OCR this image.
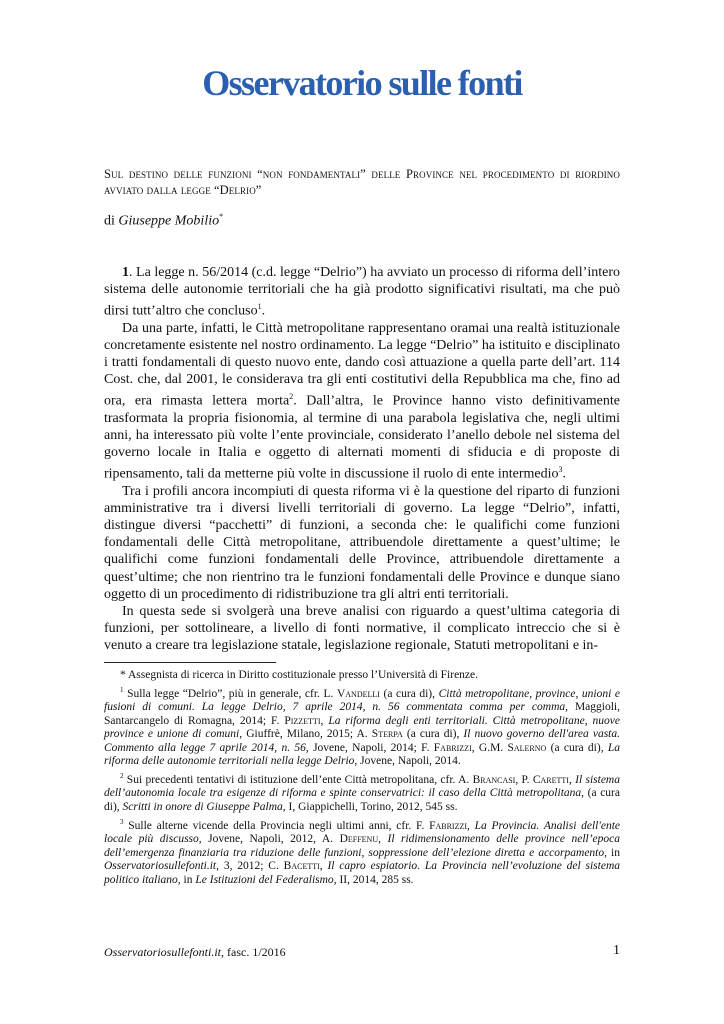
Osservatorio sulle fonti
Sul destino delle funzioni “non fondamentali” delle Province nel procedimento di riordino avviato dalla legge “Delrio”
di Giuseppe Mobilio*

1. La legge n. 56/2014 (c.d. legge “Delrio”) ha avviato un processo di riforma dell’intero sistema delle autonomie territoriali che ha già prodotto significativi risultati, ma che può dirsi tutt’altro che concluso$^1$.

Da una parte, infatti, le Città metropolitane rappresentano oramai una realtà istituzionale concretamente esistente nel nostro ordinamento. La legge “Delrio” ha istituito e disciplinato i tratti fondamentali di questo nuovo ente, dando così attuazione a quella parte dell’art. 114 Cost. che, dal 2001, le considerava tra gli enti costitutivi della Repubblica ma che, fino ad ora, era rimasta lettera morta$^2$. Dall’altra, le Province hanno visto definitivamente trasformata la propria fisionomia, al termine di una parabola legislativa che, negli ultimi anni, ha interessato più volte l’ente provinciale, considerato l’anello debole nel sistema del governo locale in Italia e oggetto di alternati momenti di sfiducia e di proposte di ripensamento, tali da metterne più volte in discussione il ruolo di ente intermedio$^3$.

Tra i profili ancora incompiuti di questa riforma vi è la questione del riparto di funzioni amministrative tra i diversi livelli territoriali di governo. La legge “Delrio”, infatti, distingue diversi “pacchetti” di funzioni, a seconda che: le qualifichi come funzioni fondamentali delle Città metropolitane, attribuendole direttamente a quest’ultime; le qualifichi come funzioni fondamentali delle Province, attribuendole direttamente a quest’ultime; che non rientrino tra le funzioni fondamentali delle Province e dunque siano oggetto di un procedimento di ridistribuzione tra gli altri enti territoriali.

In questa sede si svolgerà una breve analisi con riguardo a quest’ultima categoria di funzioni, per sottolineare, a livello di fonti normative, il complicato intreccio che si è venuto a creare tra legislazione statale, legislazione regionale, Statuti metropolitani e in-

* Assegnista di ricerca in Diritto costituzionale presso l’Università di Firenze.

$^1$ Sulla legge “Delrio”, più in generale, cfr. L. Vandelli (a cura di), Città metropolitane, province, unioni e fusioni di comuni. La legge Delrio, 7 aprile 2014, n. 56 commentata comma per comma, Maggioli, Santarcangelo di Romagna, 2014; F. Pizzetti, La riforma degli enti territoriali. Città metropolitane, nuove province e unione di comuni, Giuffrè, Milano, 2015; A. Sterpa (a cura di), Il nuovo governo dell'area vasta. Commento alla legge 7 aprile 2014, n. 56, Jovene, Napoli, 2014; F. Fabrizzi, G.M. Salerno (a cura di), La riforma delle autonomie territoriali nella legge Delrio, Jovene, Napoli, 2014.

$^2$ Sui precedenti tentativi di istituzione dell’ente Città metropolitana, cfr. A. Brancasi, P. Caretti, Il sistema dell’autonomia locale tra esigenze di riforma e spinte conservatrici: il caso della Città metropolitana, (a cura di), Scritti in onore di Giuseppe Palma, I, Giappichelli, Torino, 2012, 545 ss.

$^3$ Sulle alterne vicende della Provincia negli ultimi anni, cfr. F. Fabrizzi, La Provincia. Analisi dell'ente locale più discusso, Jovene, Napoli, 2012, A. Deffenu, Il ridimensionamento delle province nell’epoca dell’emergenza finanziaria tra riduzione delle funzioni, soppressione dell’elezione diretta e accorpamento, in Osservatoriosullefonti.it, 3, 2012; C. Bacetti, Il capro espiatorio. La Provincia nell’evoluzione del sistema politico italiano, in Le Istituzioni del Federalismo, II, 2014, 285 ss.

Osservatoriosullefonti.it, fasc. 1/2016	1
